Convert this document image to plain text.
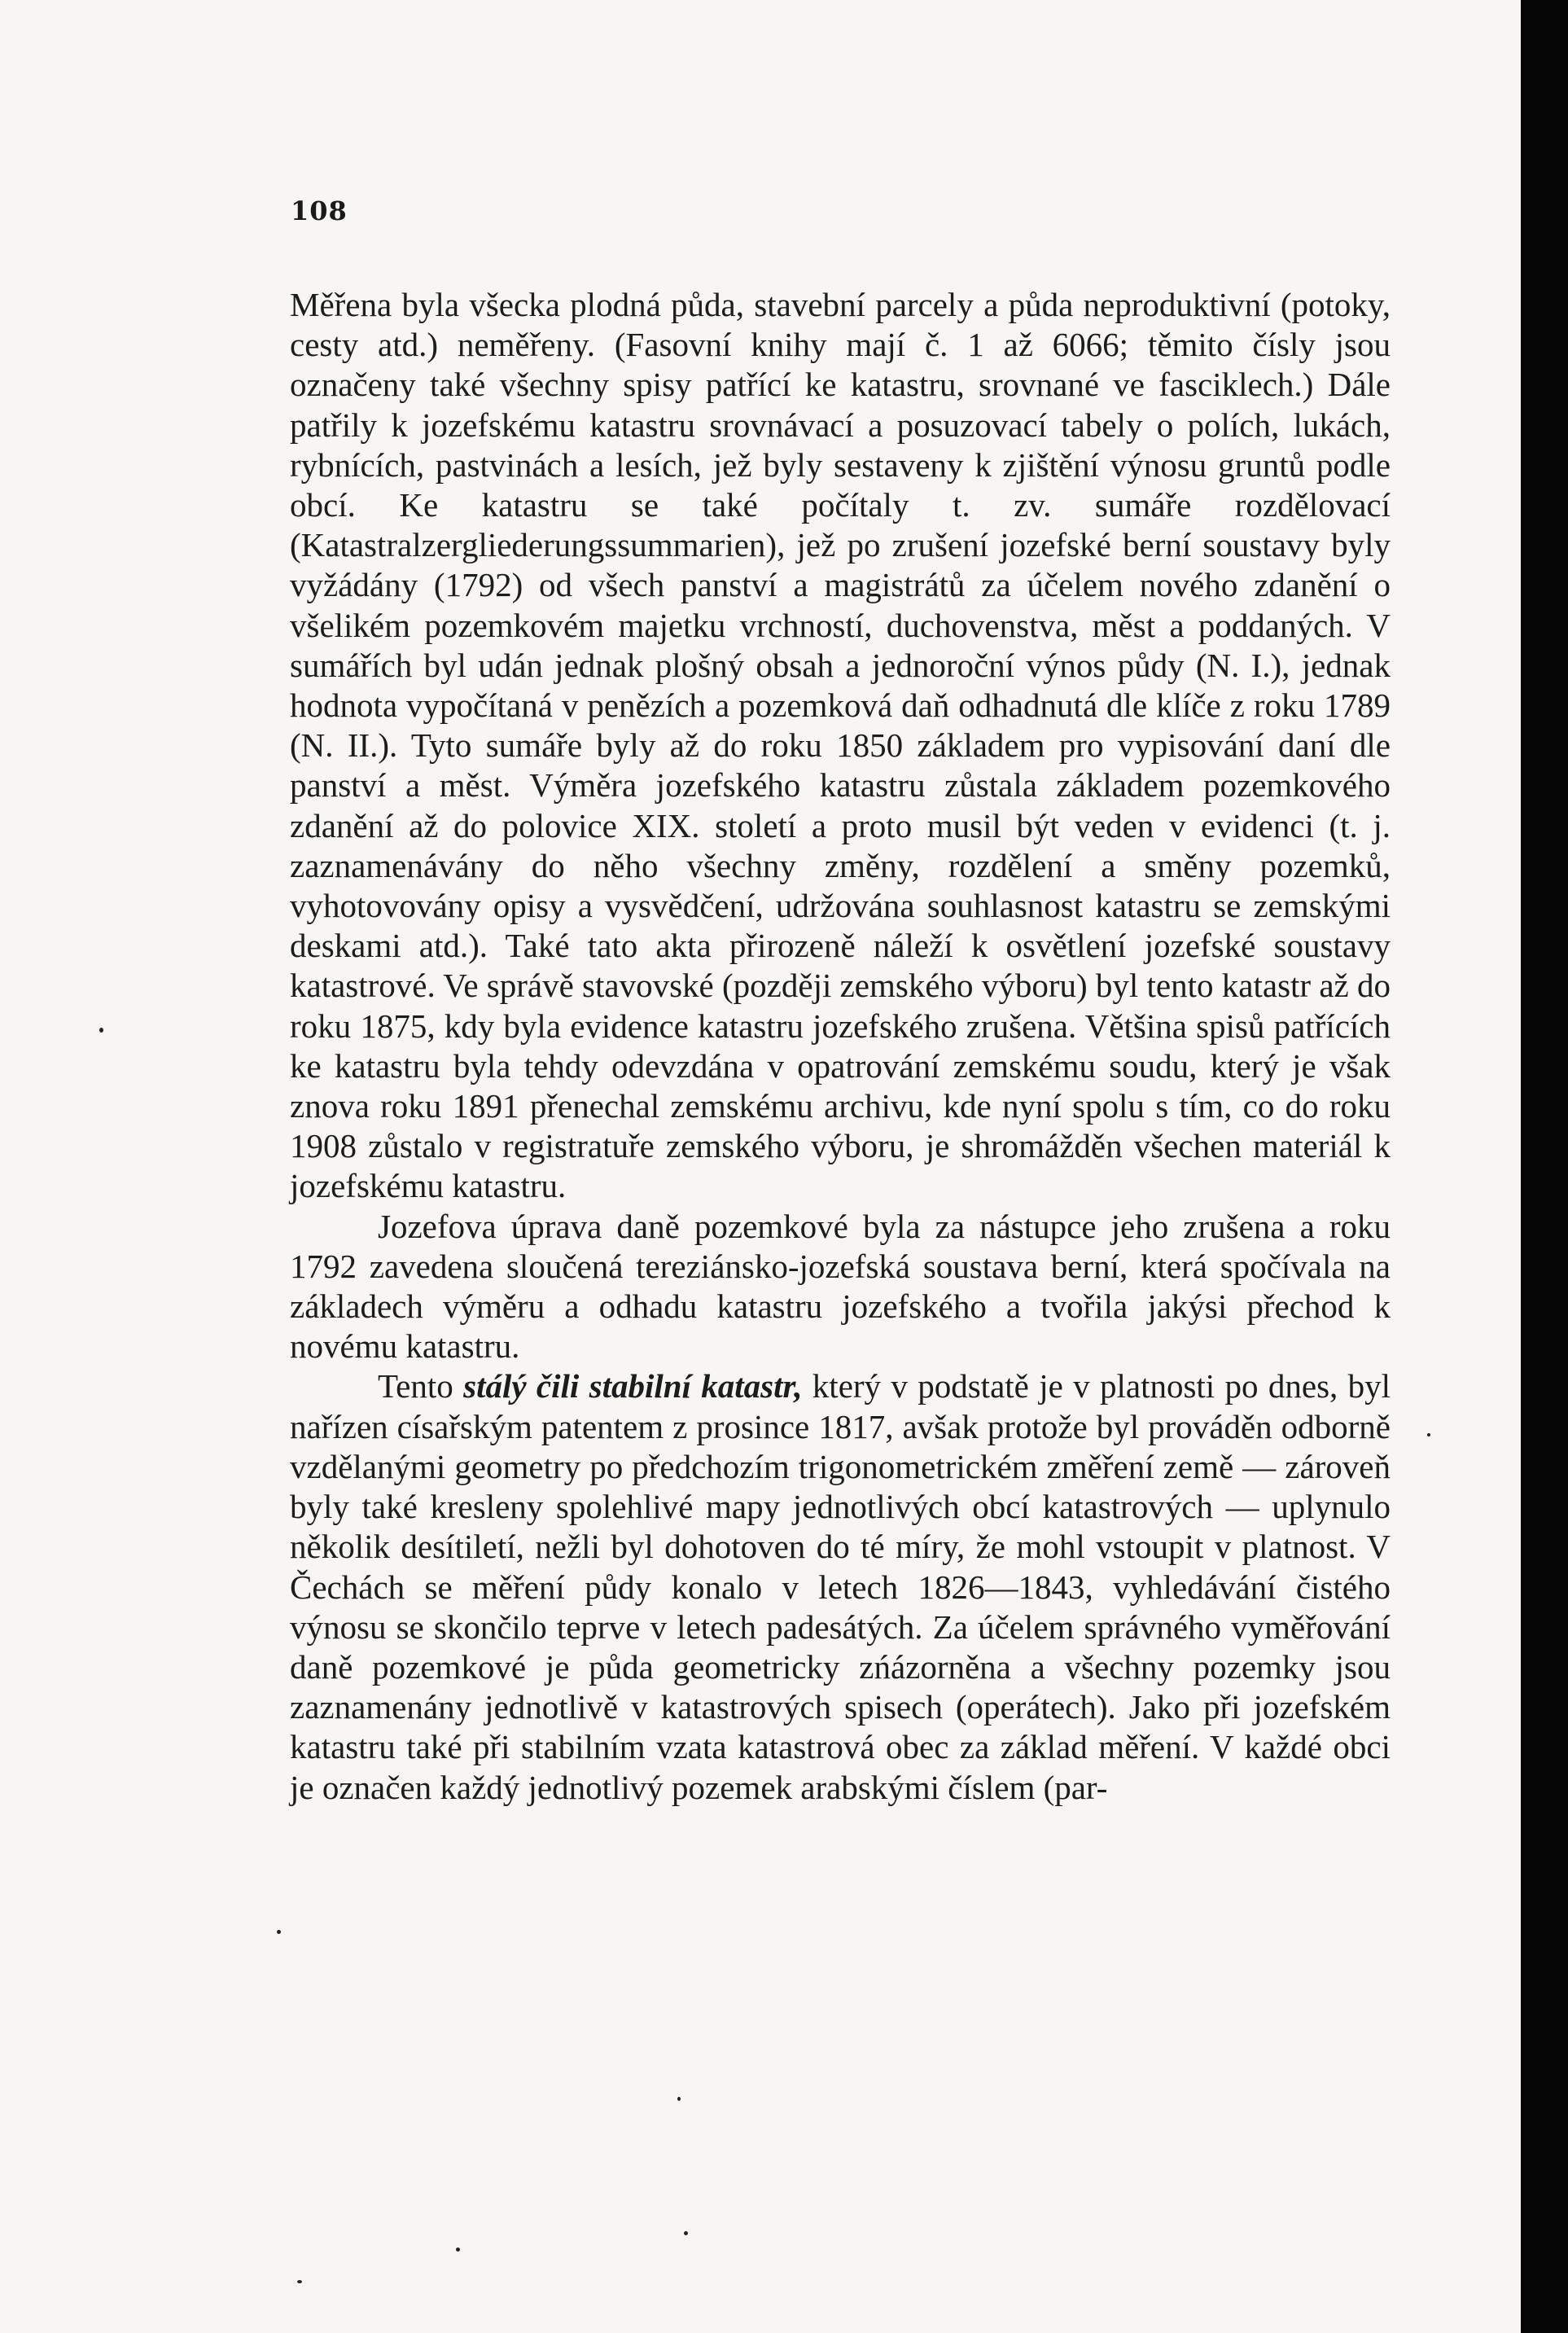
108

Měřena byla všecka plodná půda, stavební parcely a půda neproduktivní (potoky, cesty atd.) neměřeny. (Fasovní knihy mají č. 1 až 6066; těmito čísly jsou označeny také všechny spisy patřící ke katastru, srovnané ve fasciklech.) Dále patřily k jozefskému katastru srovnávací a posuzovací tabely o polích, lukách, rybnících, pastvinách a lesích, jež byly sestaveny k zjištění výnosu gruntů podle obcí. Ke katastru se také počítaly t. zv. sumáře rozdělovací (Katastralzergliederungssummarien), jež po zrušení jozefské berní soustavy byly vyžádány (1792) od všech panství a magistrátů za účelem nového zdanění o všelikém pozemkovém majetku vrchností, duchovenstva, měst a poddaných. V sumářích byl udán jednak plošný obsah a jednoroční výnos půdy (N. I.), jednak hodnota vypočítaná v penězích a pozemková daň odhadnutá dle klíče z roku 1789 (N. II.). Tyto sumáře byly až do roku 1850 základem pro vypisování daní dle panství a měst. Výměra jozefského katastru zůstala základem pozemkového zdanění až do polovice XIX. století a proto musil být veden v evidenci (t. j. zaznamenávány do něho všechny změny, rozdělení a směny pozemků, vyhotovovány opisy a vysvědčení, udržována souhlasnost katastru se zemskými deskami atd.). Také tato akta přirozeně náleží k osvětlení jozefské soustavy katastrové. Ve správě stavovské (později zemského výboru) byl tento katastr až do roku 1875, kdy byla evidence katastru jozefského zrušena. Většina spisů patřících ke katastru byla tehdy odevzdána v opatrování zemskému soudu, který je však znova roku 1891 přenechal zemskému archivu, kde nyní spolu s tím, co do roku 1908 zůstalo v registratuře zemského výboru, je shromážděn všechen materiál k jozefskému katastru.

Jozefova úprava daně pozemkové byla za nástupce jeho zrušena a roku 1792 zavedena sloučená tereziánsko-jozefská soustava berní, která spočívala na základech výměru a odhadu katastru jozefského a tvořila jakýsi přechod k novému katastru.

Tento stálý čili stabilní katastr, který v podstatě je v platnosti po dnes, byl nařízen císařským patentem z prosince 1817, avšak protože byl prováděn odborně vzdělanými geometry po předchozím trigonometrickém změření země — zároveň byly také kresleny spolehlivé mapy jednotlivých obcí katastrových — uplynulo několik desítiletí, nežli byl dohotoven do té míry, že mohl vstoupit v platnost. V Čechách se měření půdy konalo v letech 1826—1843, vyhledávání čistého výnosu se skončilo teprve v letech padesátých. Za účelem správného vyměřování daně pozemkové je půda geometricky zńázorněna a všechny pozemky jsou zaznamenány jednotlivě v katastrových spisech (operátech). Jako při jozefském katastru také při stabilním vzata katastrová obec za základ měření. V každé obci je označen každý jednotlivý pozemek arabskými číslem (par-
